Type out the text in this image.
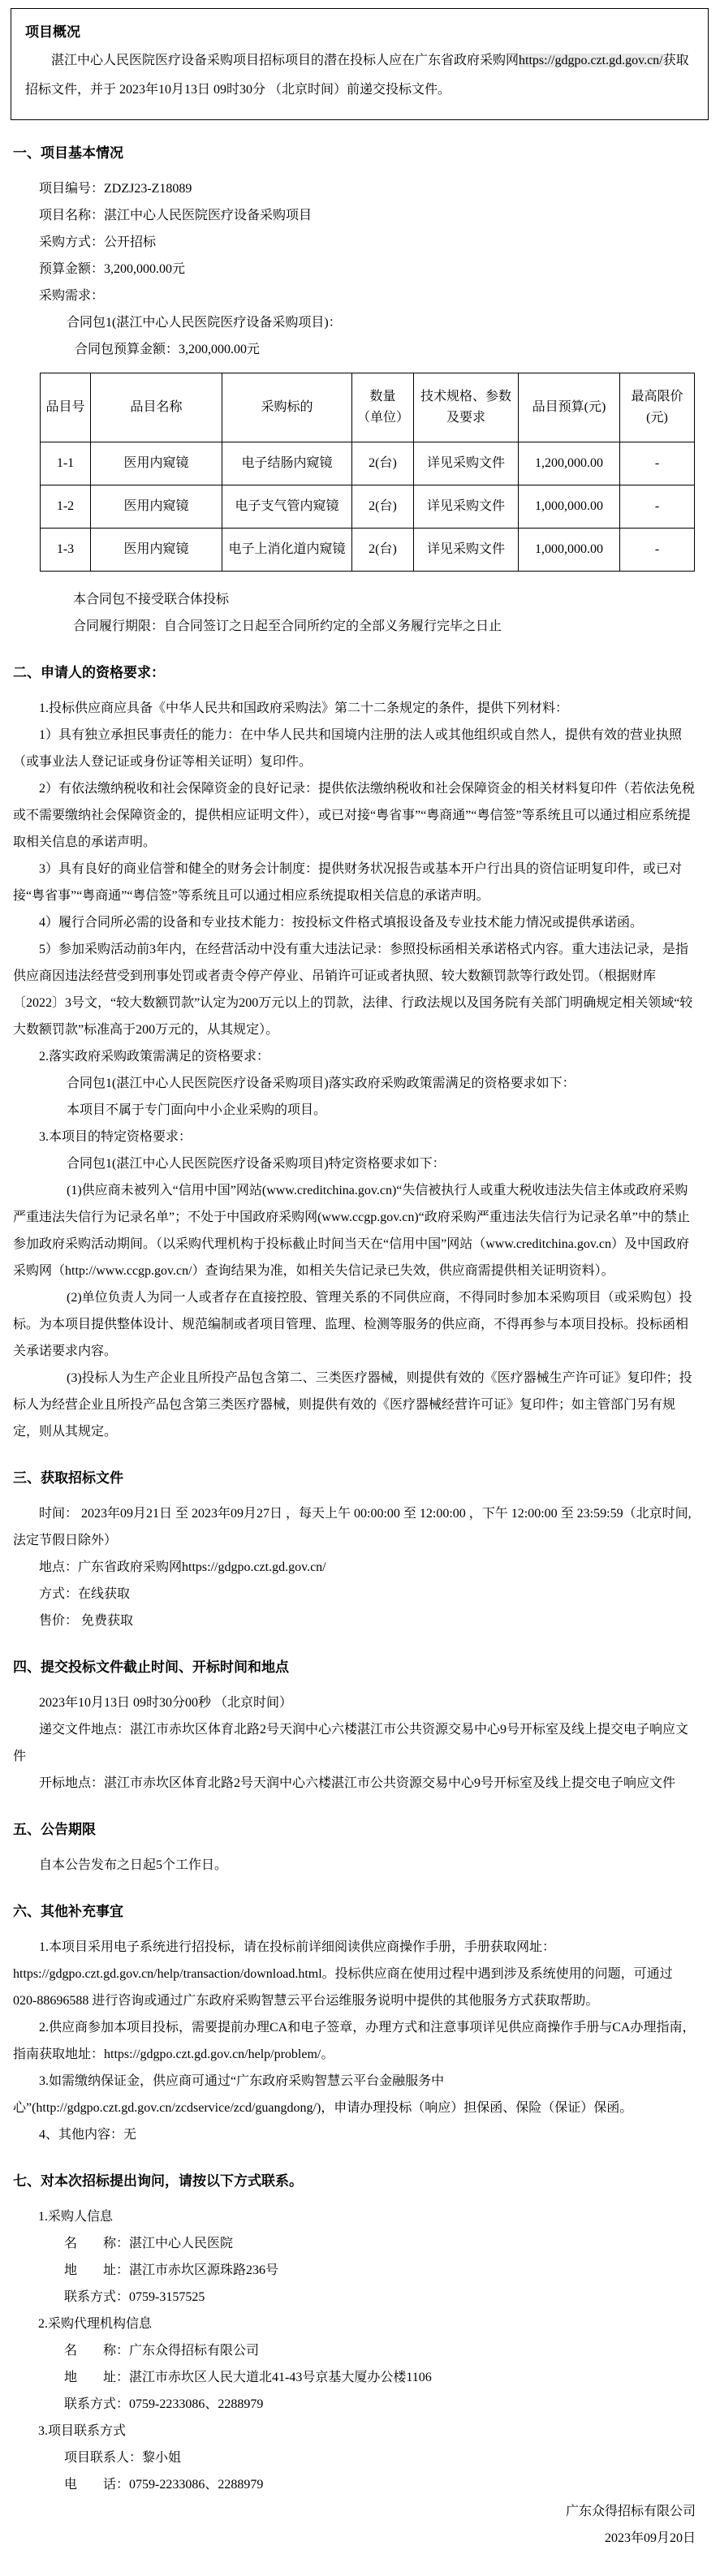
项目概况

湛江中心人民医院医疗设备采购项目招标项目的潜在投标人应在广东省政府采购网https://gdgpo.czt.gd.gov.cn/获取招标文件，并于 2023年10月13日 09时30分 （北京时间）前递交投标文件。

一、项目基本情况

项目编号：ZDZJ23-Z18089

项目名称：湛江中心人民医院医疗设备采购项目

采购方式：公开招标

预算金额：3,200,000.00元

采购需求：

合同包1(湛江中心人民医院医疗设备采购项目)：

合同包预算金额：3,200,000.00元

品目号	品目名称	采购标的	数量（单位）	技术规格、参数及要求	品目预算(元)	最高限价(元)
1-1	医用内窥镜	电子结肠内窥镜	2(台)	详见采购文件	1,200,000.00	-
1-2	医用内窥镜	电子支气管内窥镜	2(台)	详见采购文件	1,000,000.00	-
1-3	医用内窥镜	电子上消化道内窥镜	2(台)	详见采购文件	1,000,000.00	-

本合同包不接受联合体投标

合同履行期限：自合同签订之日起至合同所约定的全部义务履行完毕之日止

二、申请人的资格要求：

1.投标供应商应具备《中华人民共和国政府采购法》第二十二条规定的条件，提供下列材料：

1）具有独立承担民事责任的能力：在中华人民共和国境内注册的法人或其他组织或自然人，提供有效的营业执照（或事业法人登记证或身份证等相关证明）复印件。

2）有依法缴纳税收和社会保障资金的良好记录：提供依法缴纳税收和社会保障资金的相关材料复印件（若依法免税或不需要缴纳社会保障资金的，提供相应证明文件），或已对接“粤省事”“粤商通”“粤信签”等系统且可以通过相应系统提取相关信息的承诺声明。

3）具有良好的商业信誉和健全的财务会计制度：提供财务状况报告或基本开户行出具的资信证明复印件，或已对接“粤省事”“粤商通”“粤信签”等系统且可以通过相应系统提取相关信息的承诺声明。

4）履行合同所必需的设备和专业技术能力：按投标文件格式填报设备及专业技术能力情况或提供承诺函。

5）参加采购活动前3年内，在经营活动中没有重大违法记录：参照投标函相关承诺格式内容。重大违法记录，是指供应商因违法经营受到刑事处罚或者责令停产停业、吊销许可证或者执照、较大数额罚款等行政处罚。（根据财库〔2022〕3号文，“较大数额罚款”认定为200万元以上的罚款，法律、行政法规以及国务院有关部门明确规定相关领域“较大数额罚款”标准高于200万元的，从其规定）。

2.落实政府采购政策需满足的资格要求：

合同包1(湛江中心人民医院医疗设备采购项目)落实政府采购政策需满足的资格要求如下：

本项目不属于专门面向中小企业采购的项目。

3.本项目的特定资格要求：

合同包1(湛江中心人民医院医疗设备采购项目)特定资格要求如下：

(1)供应商未被列入“信用中国”网站(www.creditchina.gov.cn)“失信被执行人或重大税收违法失信主体或政府采购严重违法失信行为记录名单”；不处于中国政府采购网(www.ccgp.gov.cn)“政府采购严重违法失信行为记录名单”中的禁止参加政府采购活动期间。（以采购代理机构于投标截止时间当天在“信用中国”网站（www.creditchina.gov.cn）及中国政府采购网（http://www.ccgp.gov.cn/）查询结果为准，如相关失信记录已失效，供应商需提供相关证明资料）。

(2)单位负责人为同一人或者存在直接控股、管理关系的不同供应商，不得同时参加本采购项目（或采购包）投标。为本项目提供整体设计、规范编制或者项目管理、监理、检测等服务的供应商，不得再参与本项目投标。投标函相关承诺要求内容。

(3)投标人为生产企业且所投产品包含第二、三类医疗器械，则提供有效的《医疗器械生产许可证》复印件；投标人为经营企业且所投产品包含第三类医疗器械，则提供有效的《医疗器械经营许可证》复印件；如主管部门另有规定，则从其规定。

三、获取招标文件

时间： 2023年09月21日 至 2023年09月27日 ，每天上午 00:00:00 至 12:00:00 ，下午 12:00:00 至 23:59:59（北京时间,法定节假日除外）

地点：广东省政府采购网https://gdgpo.czt.gd.gov.cn/

方式：在线获取

售价： 免费获取

四、提交投标文件截止时间、开标时间和地点

2023年10月13日 09时30分00秒 （北京时间）

递交文件地点：湛江市赤坎区体育北路2号天润中心六楼湛江市公共资源交易中心9号开标室及线上提交电子响应文件

开标地点：湛江市赤坎区体育北路2号天润中心六楼湛江市公共资源交易中心9号开标室及线上提交电子响应文件

五、公告期限

自本公告发布之日起5个工作日。

六、其他补充事宜

1.本项目采用电子系统进行招投标，请在投标前详细阅读供应商操作手册，手册获取网址：https://gdgpo.czt.gd.gov.cn/help/transaction/download.html。投标供应商在使用过程中遇到涉及系统使用的问题，可通过020-88696588 进行咨询或通过广东政府采购智慧云平台运维服务说明中提供的其他服务方式获取帮助。

2.供应商参加本项目投标，需要提前办理CA和电子签章，办理方式和注意事项详见供应商操作手册与CA办理指南，指南获取地址：https://gdgpo.czt.gd.gov.cn/help/problem/。

3.如需缴纳保证金，供应商可通过“广东政府采购智慧云平台金融服务中心”(http://gdgpo.czt.gd.gov.cn/zcdservice/zcd/guangdong/)，申请办理投标（响应）担保函、保险（保证）保函。

4、其他内容：无

七、对本次招标提出询问，请按以下方式联系。

1.采购人信息

名　　称：湛江中心人民医院

地　　址：湛江市赤坎区源珠路236号

联系方式：0759-3157525

2.采购代理机构信息

名　　称：广东众得招标有限公司

地　　址：湛江市赤坎区人民大道北41-43号京基大厦办公楼1106

联系方式：0759-2233086、2288979

3.项目联系方式

项目联系人：黎小姐

电　　话：0759-2233086、2288979

广东众得招标有限公司

2023年09月20日
